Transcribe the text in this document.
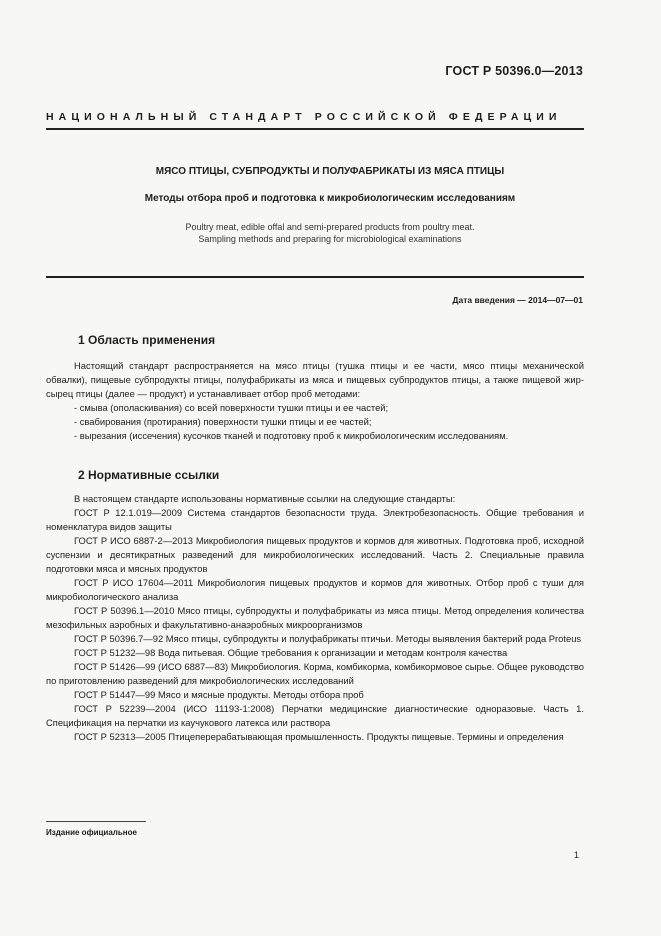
ГОСТ Р 50396.0—2013
НАЦИОНАЛЬНЫЙ СТАНДАРТ РОССИЙСКОЙ ФЕДЕРАЦИИ
МЯСО ПТИЦЫ, СУБПРОДУКТЫ И ПОЛУФАБРИКАТЫ ИЗ МЯСА ПТИЦЫ
Методы отбора проб и подготовка к микробиологическим исследованиям
Poultry meat, edible offal and semi-prepared products from poultry meat.
Sampling methods and preparing for microbiological examinations
Дата введения — 2014—07—01
1 Область применения

Настоящий стандарт распространяется на мясо птицы (тушка птицы и ее части, мясо птицы механической обвалки), пищевые субпродукты птицы, полуфабрикаты из мяса и пищевых субпродуктов птицы, а также пищевой жир-сырец птицы (далее — продукт) и устанавливает отбор проб методами:

- смыва (ополаскивания) со всей поверхности тушки птицы и ее частей;

- свабирования (протирания) поверхности тушки птицы и ее частей;

- вырезания (иссечения) кусочков тканей и подготовку проб к микробиологическим исследованиям.

2 Нормативные ссылки

В настоящем стандарте использованы нормативные ссылки на следующие стандарты:

ГОСТ Р 12.1.019—2009 Система стандартов безопасности труда. Электробезопасность. Общие требования и номенклатура видов защиты

ГОСТ Р ИСО 6887-2—2013 Микробиология пищевых продуктов и кормов для животных. Подготовка проб, исходной суспензии и десятикратных разведений для микробиологических исследований. Часть 2. Специальные правила подготовки мяса и мясных продуктов

ГОСТ Р ИСО 17604—2011 Микробиология пищевых продуктов и кормов для животных. Отбор проб с туши для микробиологического анализа

ГОСТ Р 50396.1—2010 Мясо птицы, субпродукты и полуфабрикаты из мяса птицы. Метод определения количества мезофильных аэробных и факультативно-анаэробных микроорганизмов

ГОСТ Р 50396.7—92 Мясо птицы, субпродукты и полуфабрикаты птичьи. Методы выявления бактерий рода Proteus

ГОСТ Р 51232—98 Вода питьевая. Общие требования к организации и методам контроля качества

ГОСТ Р 51426—99 (ИСО 6887—83) Микробиология. Корма, комбикорма, комбикормовое сырье. Общее руководство по приготовлению разведений для микробиологических исследований

ГОСТ Р 51447—99 Мясо и мясные продукты. Методы отбора проб

ГОСТ Р 52239—2004 (ИСО 11193-1:2008) Перчатки медицинские диагностические одноразовые. Часть 1. Спецификация на перчатки из каучукового латекса или раствора

ГОСТ Р 52313—2005 Птицеперерабатывающая промышленность. Продукты пищевые. Термины и определения

Издание официальное
1
